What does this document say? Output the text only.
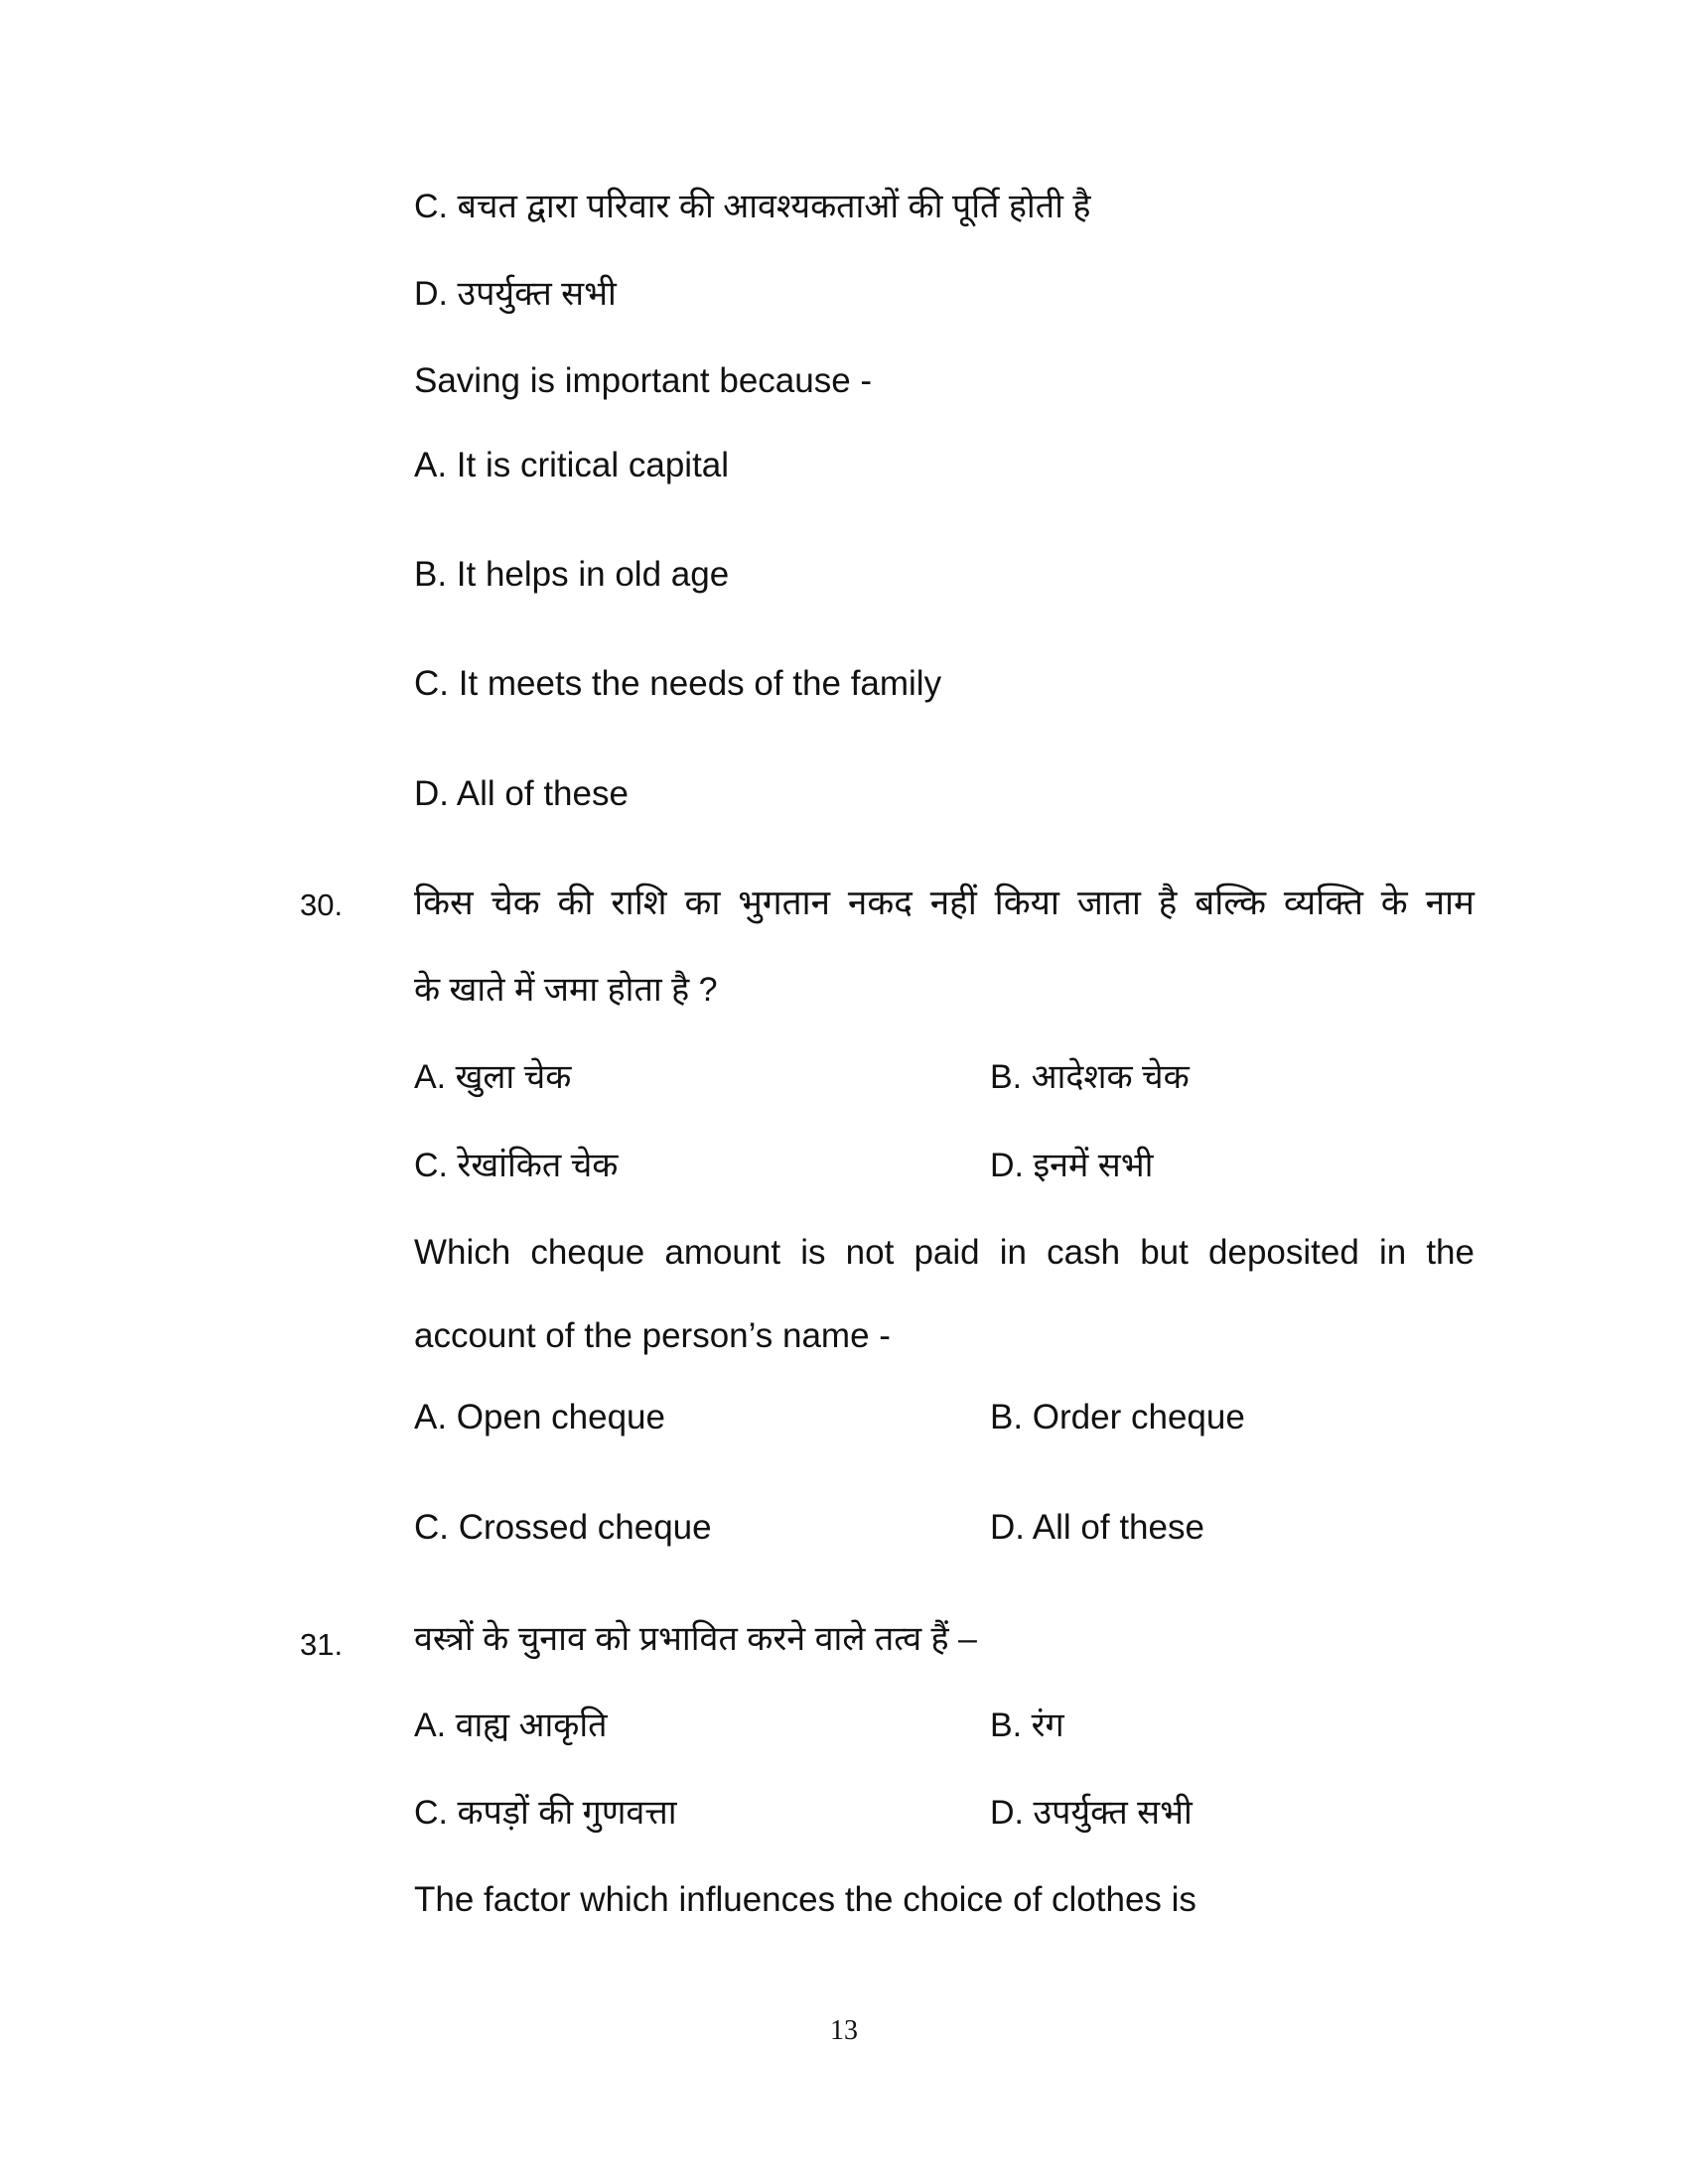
C. बचत द्वारा परिवार की आवश्यकताओं की पूर्ति होती है
D. उपर्युक्त सभी
Saving is important because -
A. It is critical capital
B. It helps in old age
C. It meets the needs of the family
D. All of these
30. किस चेक की राशि का भुगतान नकद नहीं किया जाता है बल्कि व्यक्ति के नाम
के खाते में जमा होता है ?
A. खुला चेक	B. आदेशक चेक
C. रेखांकित चेक	D. इनमें सभी
Which cheque amount is not paid in cash but deposited in the
account of the person’s name -
A. Open cheque	B. Order cheque
C. Crossed cheque	D. All of these
31. वस्त्रों के चुनाव को प्रभावित करने वाले तत्व हैं –
A. वाह्य आकृति	B. रंग
C. कपड़ों की गुणवत्ता	D. उपर्युक्त सभी
The factor which influences the choice of clothes is
13
